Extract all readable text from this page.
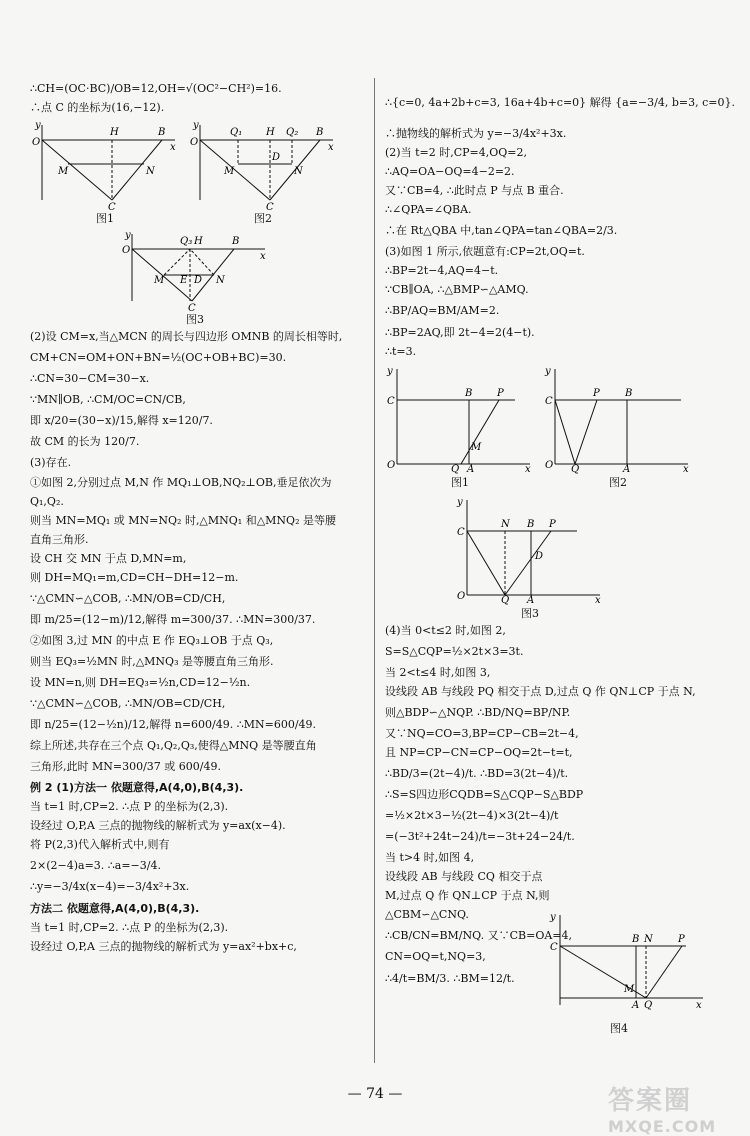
∴CH=(OC·BC)/OB=12,OH=√(OC²−CH²)=16.
∴点 C 的坐标为(16,−12).
O
y
H	B
x
M	N
C
图1
O
y
Q₁ H Q₂ B
x
M
D
N
C
图2
O
y
Q₃ H	B
x
M E D N
C
图3
(2)设 CM=x,当△MCN 的周长与四边形 OMNB 的周长相等时,
CM+CN=OM+ON+BN=½(OC+OB+BC)=30.
∴CN=30−CM=30−x.
∵MN∥OB, ∴CM/OC=CN/CB,
即 x/20=(30−x)/15,解得 x=120/7.
故 CM 的长为 120/7.
(3)存在.
①如图 2,分别过点 M,N 作 MQ₁⊥OB,NQ₂⊥OB,垂足依次为
Q₁,Q₂.
则当 MN=MQ₁ 或 MN=NQ₂ 时,△MNQ₁ 和△MNQ₂ 是等腰
直角三角形.
设 CH 交 MN 于点 D,MN=m,
则 DH=MQ₁=m,CD=CH−DH=12−m.
∵△CMN∽△COB, ∴MN/OB=CD/CH,
即 m/25=(12−m)/12,解得 m=300/37. ∴MN=300/37.
②如图 3,过 MN 的中点 E 作 EQ₃⊥OB 于点 Q₃,
则当 EQ₃=½MN 时,△MNQ₃ 是等腰直角三角形.
设 MN=n,则 DH=EQ₃=½n,CD=12−½n.
∵△CMN∽△COB, ∴MN/OB=CD/CH,
即 n/25=(12−½n)/12,解得 n=600/49. ∴MN=600/49.
综上所述,共存在三个点 Q₁,Q₂,Q₃,使得△MNQ 是等腰直角
三角形,此时 MN=300/37 或 600/49.
例 2 (1)方法一 依题意得,A(4,0),B(4,3).
当 t=1 时,CP=2. ∴点 P 的坐标为(2,3).
设经过 O,P,A 三点的抛物线的解析式为 y=ax(x−4).
将 P(2,3)代入解析式中,则有
2×(2−4)a=3. ∴a=−3/4.
∴y=−3/4x(x−4)=−3/4x²+3x.
方法二 依题意得,A(4,0),B(4,3).
当 t=1 时,CP=2. ∴点 P 的坐标为(2,3).
设经过 O,P,A 三点的抛物线的解析式为 y=ax²+bx+c,
∴{c=0, 4a+2b+c=3, 16a+4b+c=0} 解得 {a=−3/4, b=3, c=0}.
∴抛物线的解析式为 y=−3/4x²+3x.
(2)当 t=2 时,CP=4,OQ=2,
∴AQ=OA−OQ=4−2=2.
又∵CB=4, ∴此时点 P 与点 B 重合.
∴∠QPA=∠QBA.
∴在 Rt△QBA 中,tan∠QPA=tan∠QBA=2/3.
(3)如图 1 所示,依题意有:CP=2t,OQ=t.
∴BP=2t−4,AQ=4−t.
∵CB∥OA, ∴△BMP∽△AMQ.
∴BP/AQ=BM/AM=2.
∴BP=2AQ,即 2t−4=2(4−t).
∴t=3.
y
C
O
B P
M
Q A	x
图1
y
C
O
P	B
Q	A	x
图2
y
C
O
N B P
D
Q A	x
图3
(4)当 0<t≤2 时,如图 2,
S=S△CQP=½×2t×3=3t.
当 2<t≤4 时,如图 3,
设线段 AB 与线段 PQ 相交于点 D,过点 Q 作 QN⊥CP 于点 N,
则△BDP∽△NQP. ∴BD/NQ=BP/NP.
又∵NQ=CO=3,BP=CP−CB=2t−4,
且 NP=CP−CN=CP−OQ=2t−t=t,
∴BD/3=(2t−4)/t. ∴BD=3(2t−4)/t.
∴S=S四边形CQDB=S△CQP−S△BDP
=½×2t×3−½(2t−4)×3(2t−4)/t
=(−3t²+24t−24)/t=−3t+24−24/t.
当 t>4 时,如图 4,
设线段 AB 与线段 CQ 相交于点
M,过点 Q 作 QN⊥CP 于点 N,则
△CBM∽△CNQ.
∴CB/CN=BM/NQ. 又∵CB=OA=4,
CN=OQ=t,NQ=3,
∴4/t=BM/3. ∴BM=12/t.
y
C
B N	P
M
A Q	x
图4
— 74 —	答案圈
MXQE.COM
